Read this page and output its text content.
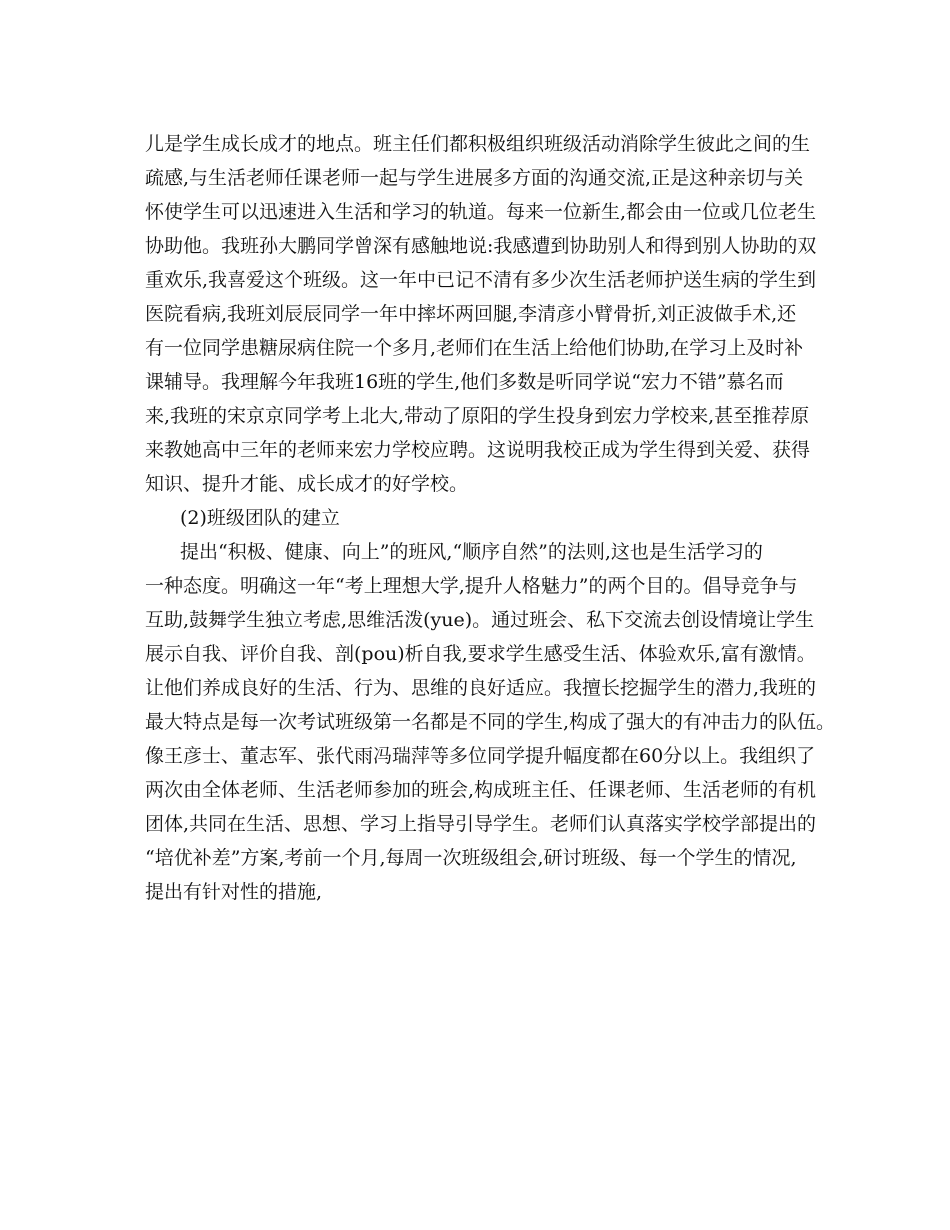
儿是学生成长成才的地点。班主任们都积极组织班级活动消除学生彼此之间的生
疏感,与生活老师任课老师一起与学生进展多方面的沟通交流,正是这种亲切与关
怀使学生可以迅速进入生活和学习的轨道。每来一位新生,都会由一位或几位老生
协助他。我班孙大鹏同学曾深有感触地说:我感遭到协助别人和得到别人协助的双
重欢乐,我喜爱这个班级。这一年中已记不清有多少次生活老师护送生病的学生到
医院看病,我班刘辰辰同学一年中摔坏两回腿,李清彦小臂骨折,刘正波做手术,还
有一位同学患糖尿病住院一个多月,老师们在生活上给他们协助,在学习上及时补
课辅导。我理解今年我班16班的学生,他们多数是听同学说“宏力不错”慕名而
来,我班的宋京京同学考上北大,带动了原阳的学生投身到宏力学校来,甚至推荐原
来教她高中三年的老师来宏力学校应聘。这说明我校正成为学生得到关爱、获得
知识、提升才能、成长成才的好学校。
(2)班级团队的建立
提出“积极、健康、向上”的班风,“顺序自然”的法则,这也是生活学习的
一种态度。明确这一年“考上理想大学,提升人格魅力”的两个目的。倡导竞争与
互助,鼓舞学生独立考虑,思维活泼(yue)。通过班会、私下交流去创设情境让学生
展示自我、评价自我、剖(pou)析自我,要求学生感受生活、体验欢乐,富有激情。
让他们养成良好的生活、行为、思维的良好适应。我擅长挖掘学生的潜力,我班的
最大特点是每一次考试班级第一名都是不同的学生,构成了强大的有冲击力的队伍。
像王彦士、董志军、张代雨冯瑞萍等多位同学提升幅度都在60分以上。我组织了
两次由全体老师、生活老师参加的班会,构成班主任、任课老师、生活老师的有机
团体,共同在生活、思想、学习上指导引导学生。老师们认真落实学校学部提出的
“培优补差”方案,考前一个月,每周一次班级组会,研讨班级、每一个学生的情况,
提出有针对性的措施,
